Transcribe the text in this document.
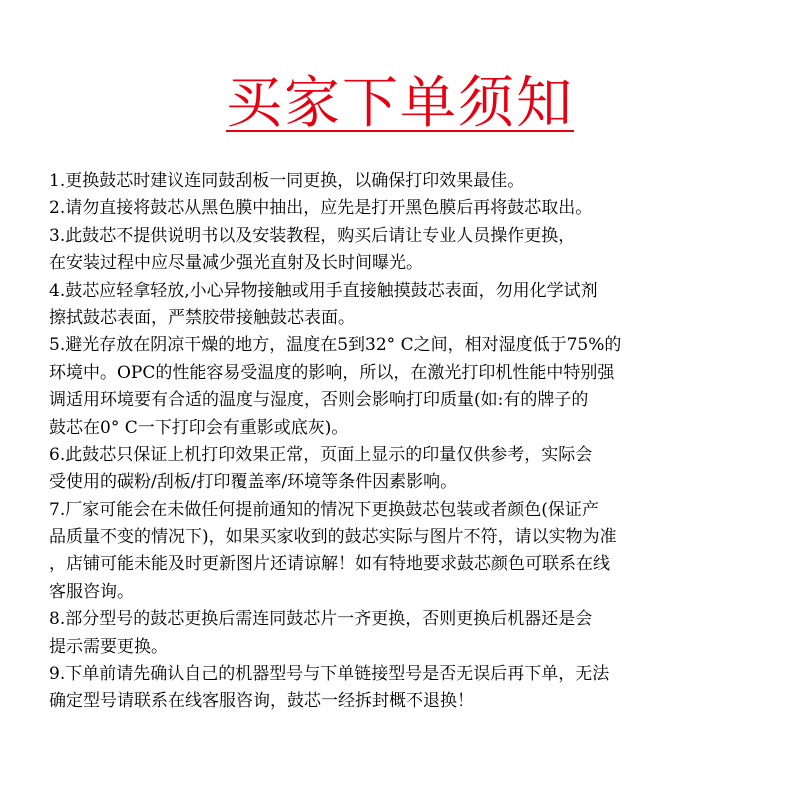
买家下单须知
1.更换鼓芯时建议连同鼓刮板一同更换，以确保打印效果最佳。
2.请勿直接将鼓芯从黑色膜中抽出，应先是打开黑色膜后再将鼓芯取出。
3.此鼓芯不提供说明书以及安装教程，购买后请让专业人员操作更换，
在安装过程中应尽量减少强光直射及长时间曝光。
4.鼓芯应轻拿轻放,小心异物接触或用手直接触摸鼓芯表面，勿用化学试剂
擦拭鼓芯表面，严禁胶带接触鼓芯表面。
5.避光存放在阴凉干燥的地方，温度在5到32° C之间，相对湿度低于75%的
环境中。OPC的性能容易受温度的影响，所以，在激光打印机性能中特别强
调适用环境要有合适的温度与湿度，否则会影响打印质量(如:有的牌子的
鼓芯在0° C一下打印会有重影或底灰)。
6.此鼓芯只保证上机打印效果正常，页面上显示的印量仅供参考，实际会
受使用的碳粉/刮板/打印覆盖率/环境等条件因素影响。
7.厂家可能会在未做任何提前通知的情况下更换鼓芯包装或者颜色(保证产
品质量不变的情况下)，如果买家收到的鼓芯实际与图片不符，请以实物为准
，店铺可能未能及时更新图片还请谅解！如有特地要求鼓芯颜色可联系在线
客服咨询。
8.部分型号的鼓芯更换后需连同鼓芯片一齐更换，否则更换后机器还是会
提示需要更换。
9.下单前请先确认自己的机器型号与下单链接型号是否无误后再下单，无法
确定型号请联系在线客服咨询，鼓芯一经拆封概不退换！
